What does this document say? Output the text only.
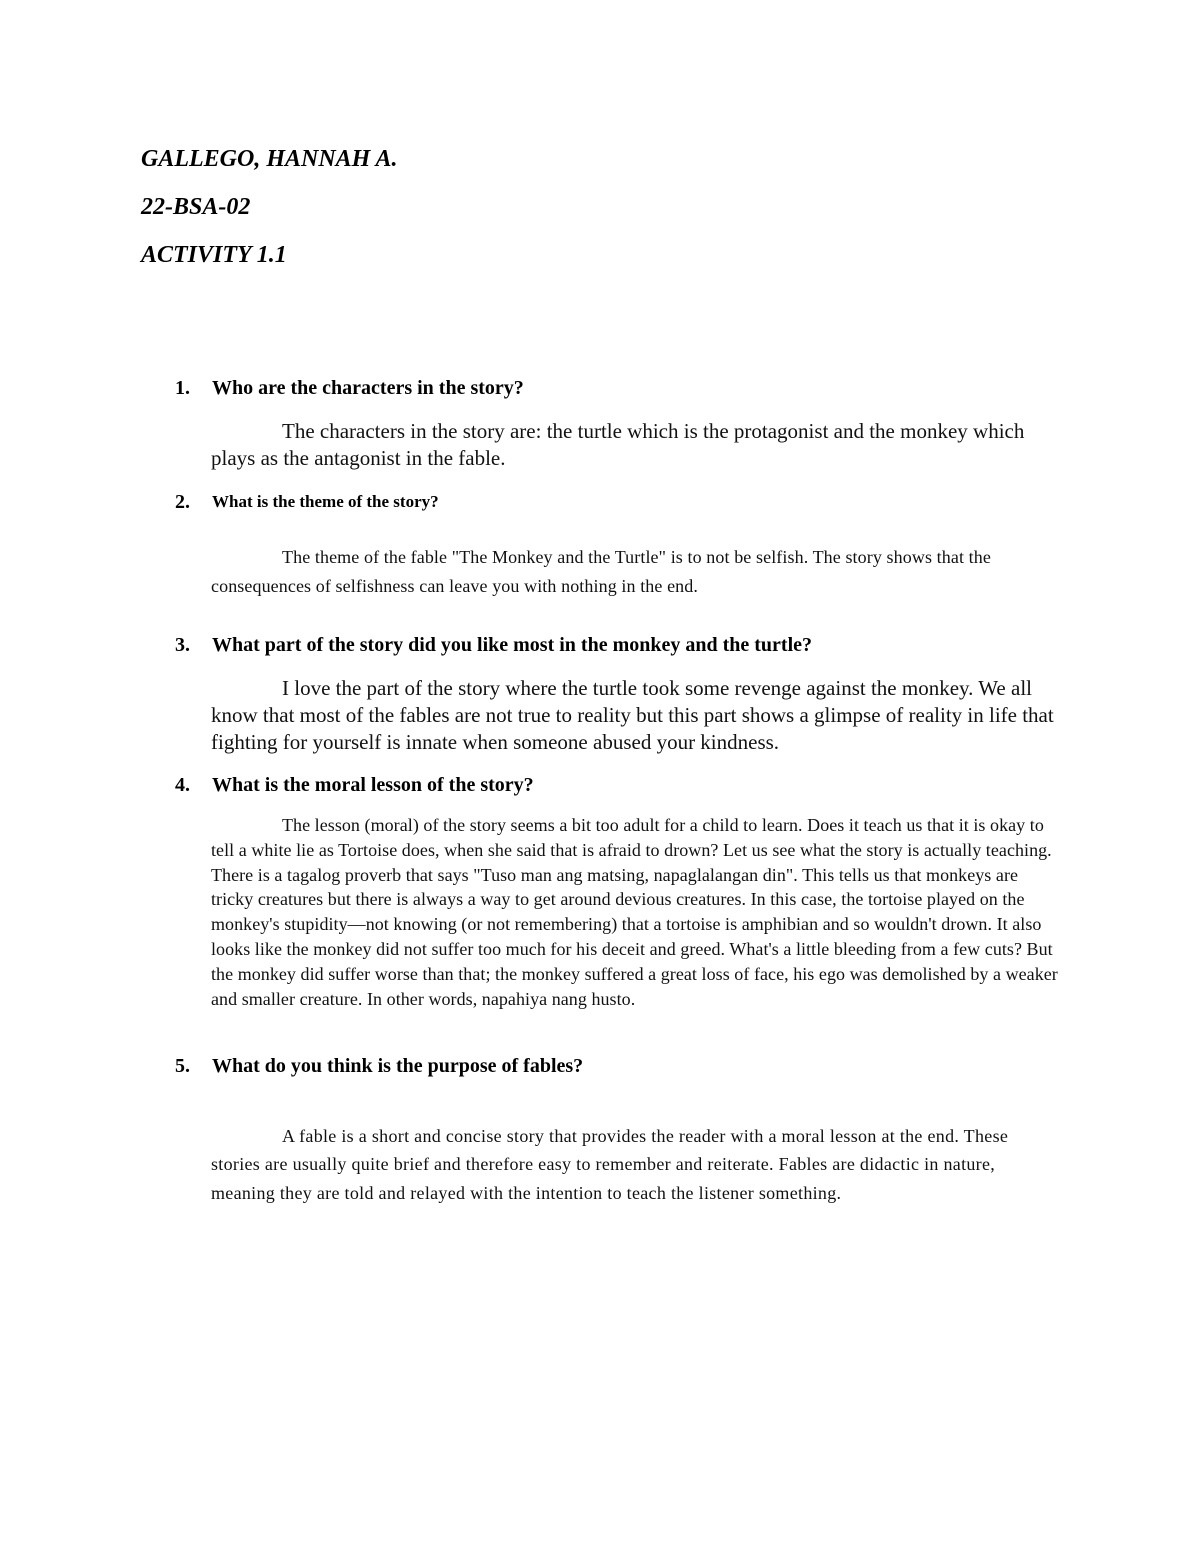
GALLEGO, HANNAH A.
22-BSA-02
ACTIVITY 1.1
1. Who are the characters in the story?

The characters in the story are: the turtle which is the protagonist and the monkey which plays as the antagonist in the fable.

2. What is the theme of the story?

The theme of the fable "The Monkey and the Turtle" is to not be selfish. The story shows that the consequences of selfishness can leave you with nothing in the end.

3. What part of the story did you like most in the monkey and the turtle?

I love the part of the story where the turtle took some revenge against the monkey. We all know that most of the fables are not true to reality but this part shows a glimpse of reality in life that fighting for yourself is innate when someone abused your kindness.

4. What is the moral lesson of the story?

The lesson (moral) of the story seems a bit too adult for a child to learn. Does it teach us that it is okay to tell a white lie as Tortoise does, when she said that is afraid to drown? Let us see what the story is actually teaching. There is a tagalog proverb that says "Tuso man ang matsing, napaglalangan din". This tells us that monkeys are tricky creatures but there is always a way to get around devious creatures. In this case, the tortoise played on the monkey's stupidity—not knowing (or not remembering) that a tortoise is amphibian and so wouldn't drown. It also looks like the monkey did not suffer too much for his deceit and greed. What's a little bleeding from a few cuts? But the monkey did suffer worse than that; the monkey suffered a great loss of face, his ego was demolished by a weaker and smaller creature. In other words, napahiya nang husto.

5. What do you think is the purpose of fables?

A fable is a short and concise story that provides the reader with a moral lesson at the end. These stories are usually quite brief and therefore easy to remember and reiterate. Fables are didactic in nature, meaning they are told and relayed with the intention to teach the listener something.
